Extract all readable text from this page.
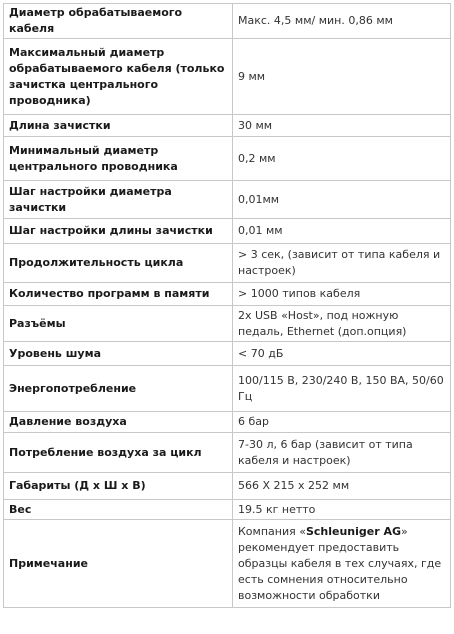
Диаметр обрабатываемого кабеля	Макс. 4,5 мм/ мин. 0,86 мм
Максимальный диаметр обрабатываемого кабеля (только зачистка центрального проводника)	9 мм
Длина зачистки	30 мм
Минимальный диаметр центрального проводника	0,2 мм
Шаг настройки диаметра зачистки	0,01мм
Шаг настройки длины зачистки	0,01 мм
Продолжительность цикла	> 3 сек, (зависит от типа кабеля и настроек)
Количество программ в памяти	> 1000 типов кабеля
Разъёмы	2x USB «Host», под ножную педаль, Ethernet (доп.опция)
Уровень шума	< 70 дБ
Энергопотребление	100/115 В, 230/240 В, 150 ВА, 50/60 Гц
Давление воздуха	6 бар
Потребление воздуха за цикл	7-30 л, 6 бар (зависит от типа кабеля и настроек)
Габариты (Д х Ш х В)	566 X 215 x 252 мм
Вес	19.5 кг нетто
Примечание	Компания «Schleuniger AG» рекомендует предоставить образцы кабеля в тех случаях, где есть сомнения относительно возможности обработки
